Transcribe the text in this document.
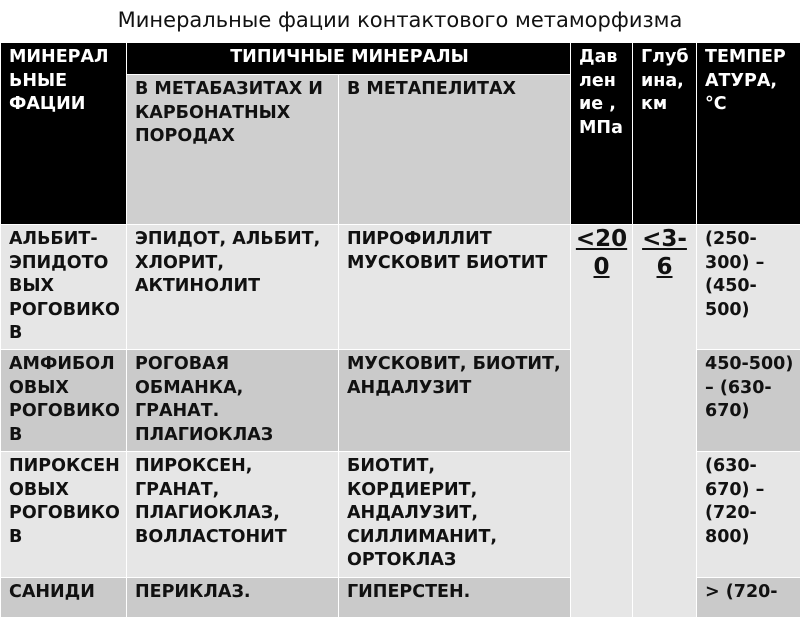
Минеральные фации контактового метаморфизма
МИНЕРАЛЬНЫЕ ФАЦИИ	ТИПИЧНЫЕ МИНЕРАЛЫ		Давление , МПа	Глубина, км	ТЕМПЕРАТУРА, °С
	В МЕТАБАЗИТАХ И КАРБОНАТНЫХ ПОРОДАХ	В МЕТАПЕЛИТАХ			
АЛЬБИТ-ЭПИДОТОВЫХ РОГОВИКОВ	ЭПИДОТ, АЛЬБИТ, ХЛОРИТ, АКТИНОЛИТ	ПИРОФИЛЛИТ МУСКОВИТ БИОТИТ	<200	<3-6	(250-300) – (450-500)
АМФИБОЛОВЫХ РОГОВИКОВ	РОГОВАЯ ОБМАНКА, ГРАНАТ. ПЛАГИОКЛАЗ	МУСКОВИТ, БИОТИТ, АНДАЛУЗИТ			450-500) – (630-670)
ПИРОКСЕНОВЫХ РОГОВИКОВ	ПИРОКСЕН, ГРАНАТ, ПЛАГИОКЛАЗ, ВОЛЛАСТОНИТ	БИОТИТ, КОРДИЕРИТ, АНДАЛУЗИТ, СИЛЛИМАНИТ, ОРТОКЛАЗ			(630-670) – (720-800)
САНИДИ	ПЕРИКЛАЗ.	ГИПЕРСТЕН.			> (720-
